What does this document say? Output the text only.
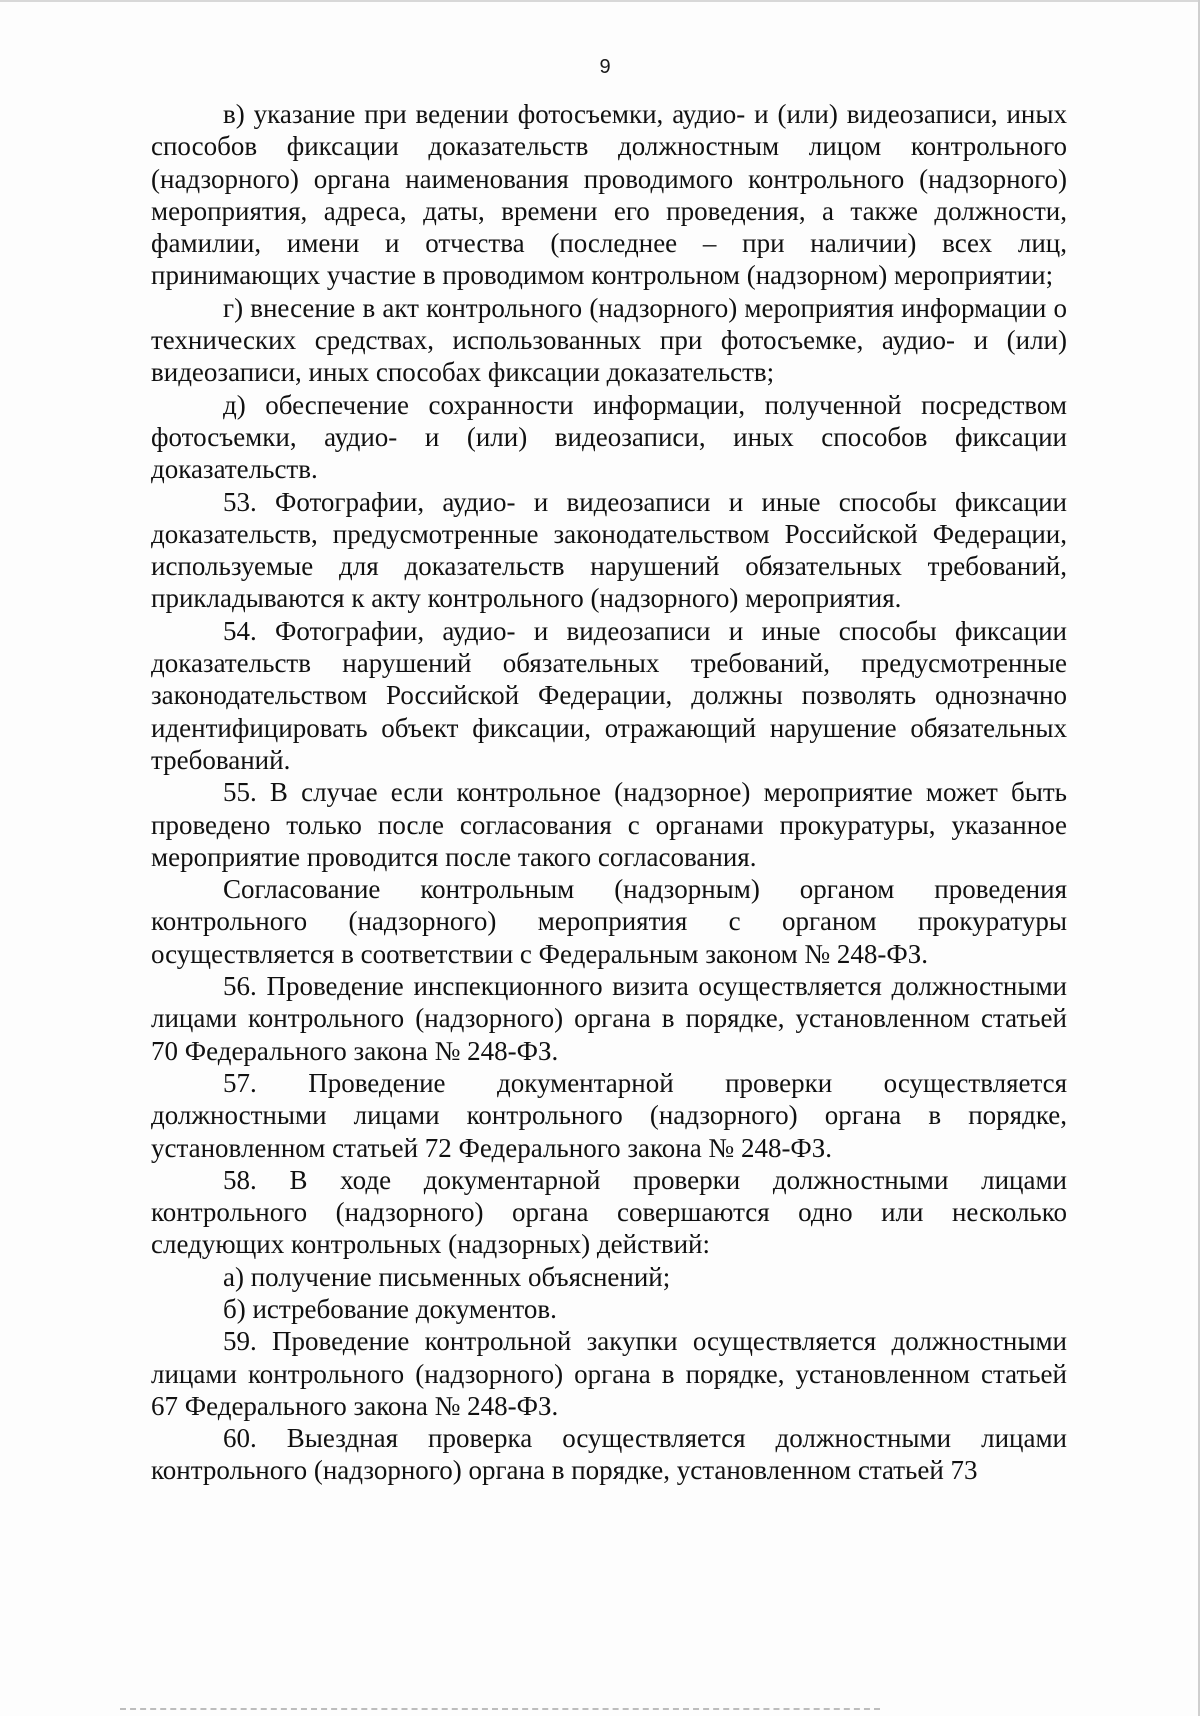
9

в) указание при ведении фотосъемки, аудио- и (или) видеозаписи, иных способов фиксации доказательств должностным лицом контрольного (надзорного) органа наименования проводимого контрольного (надзорного) мероприятия, адреса, даты, времени его проведения, а также должности, фамилии, имени и отчества (последнее – при наличии) всех лиц, принимающих участие в проводимом контрольном (надзорном) мероприятии;

г) внесение в акт контрольного (надзорного) мероприятия информации о технических средствах, использованных при фотосъемке, аудио- и (или) видеозаписи, иных способах фиксации доказательств;

д) обеспечение сохранности информации, полученной посредством фотосъемки, аудио- и (или) видеозаписи, иных способов фиксации доказательств.

53. Фотографии, аудио- и видеозаписи и иные способы фиксации доказательств, предусмотренные законодательством Российской Федерации, используемые для доказательств нарушений обязательных требований, прикладываются к акту контрольного (надзорного) мероприятия.

54. Фотографии, аудио- и видеозаписи и иные способы фиксации доказательств нарушений обязательных требований, предусмотренные законодательством Российской Федерации, должны позволять однозначно идентифицировать объект фиксации, отражающий нарушение обязательных требований.

55. В случае если контрольное (надзорное) мероприятие может быть проведено только после согласования с органами прокуратуры, указанное мероприятие проводится после такого согласования.

Согласование контрольным (надзорным) органом проведения контрольного (надзорного) мероприятия с органом прокуратуры осуществляется в соответствии с Федеральным законом № 248-ФЗ.

56. Проведение инспекционного визита осуществляется должностными лицами контрольного (надзорного) органа в порядке, установленном статьей 70 Федерального закона № 248-ФЗ.

57. Проведение документарной проверки осуществляется должностными лицами контрольного (надзорного) органа в порядке, установленном статьей 72 Федерального закона № 248-ФЗ.

58. В ходе документарной проверки должностными лицами контрольного (надзорного) органа совершаются одно или несколько следующих контрольных (надзорных) действий:

а) получение письменных объяснений;

б) истребование документов.

59. Проведение контрольной закупки осуществляется должностными лицами контрольного (надзорного) органа в порядке, установленном статьей 67 Федерального закона № 248-ФЗ.

60. Выездная проверка осуществляется должностными лицами контрольного (надзорного) органа в порядке, установленном статьей 73
